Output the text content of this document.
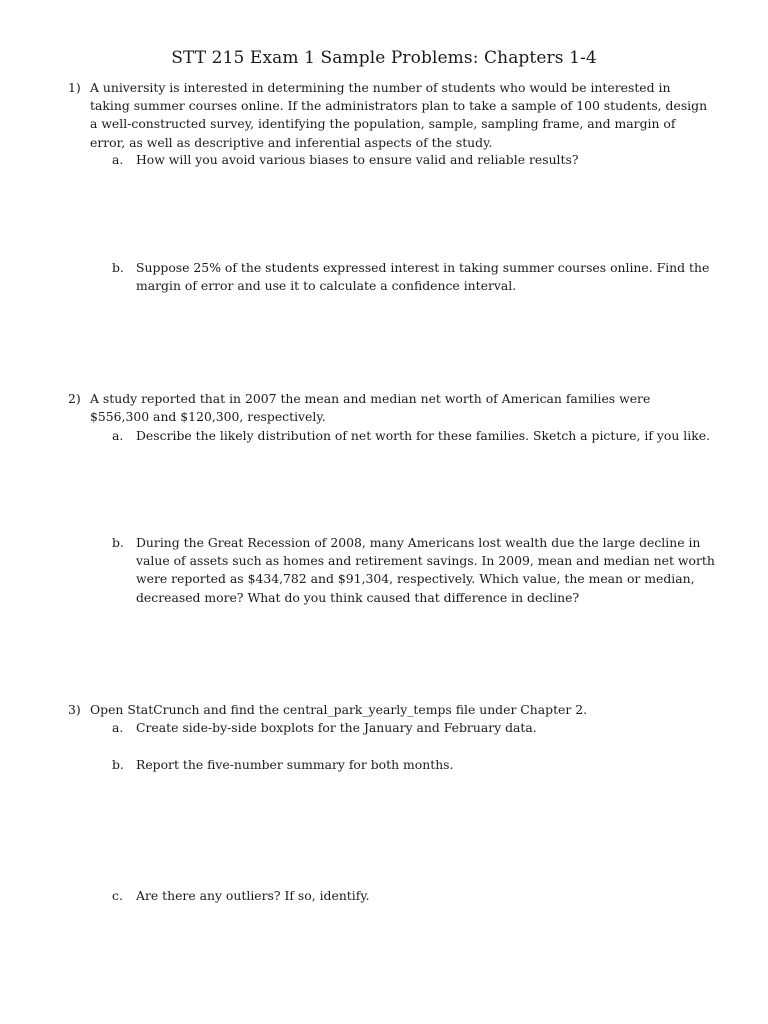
STT 215 Exam 1 Sample Problems: Chapters 1-4
1) A university is interested in determining the number of students who would be interested in taking summer courses online. If the administrators plan to take a sample of 100 students, design a well-constructed survey, identifying the population, sample, sampling frame, and margin of error, as well as descriptive and inferential aspects of the study.
a. How will you avoid various biases to ensure valid and reliable results?
b. Suppose 25% of the students expressed interest in taking summer courses online. Find the margin of error and use it to calculate a confidence interval.
2) A study reported that in 2007 the mean and median net worth of American families were $556,300 and $120,300, respectively.
a. Describe the likely distribution of net worth for these families. Sketch a picture, if you like.
b. During the Great Recession of 2008, many Americans lost wealth due the large decline in value of assets such as homes and retirement savings. In 2009, mean and median net worth were reported as $434,782 and $91,304, respectively. Which value, the mean or median, decreased more? What do you think caused that difference in decline?
3) Open StatCrunch and find the central_park_yearly_temps file under Chapter 2.
a. Create side-by-side boxplots for the January and February data.
b. Report the five-number summary for both months.
c. Are there any outliers? If so, identify.
